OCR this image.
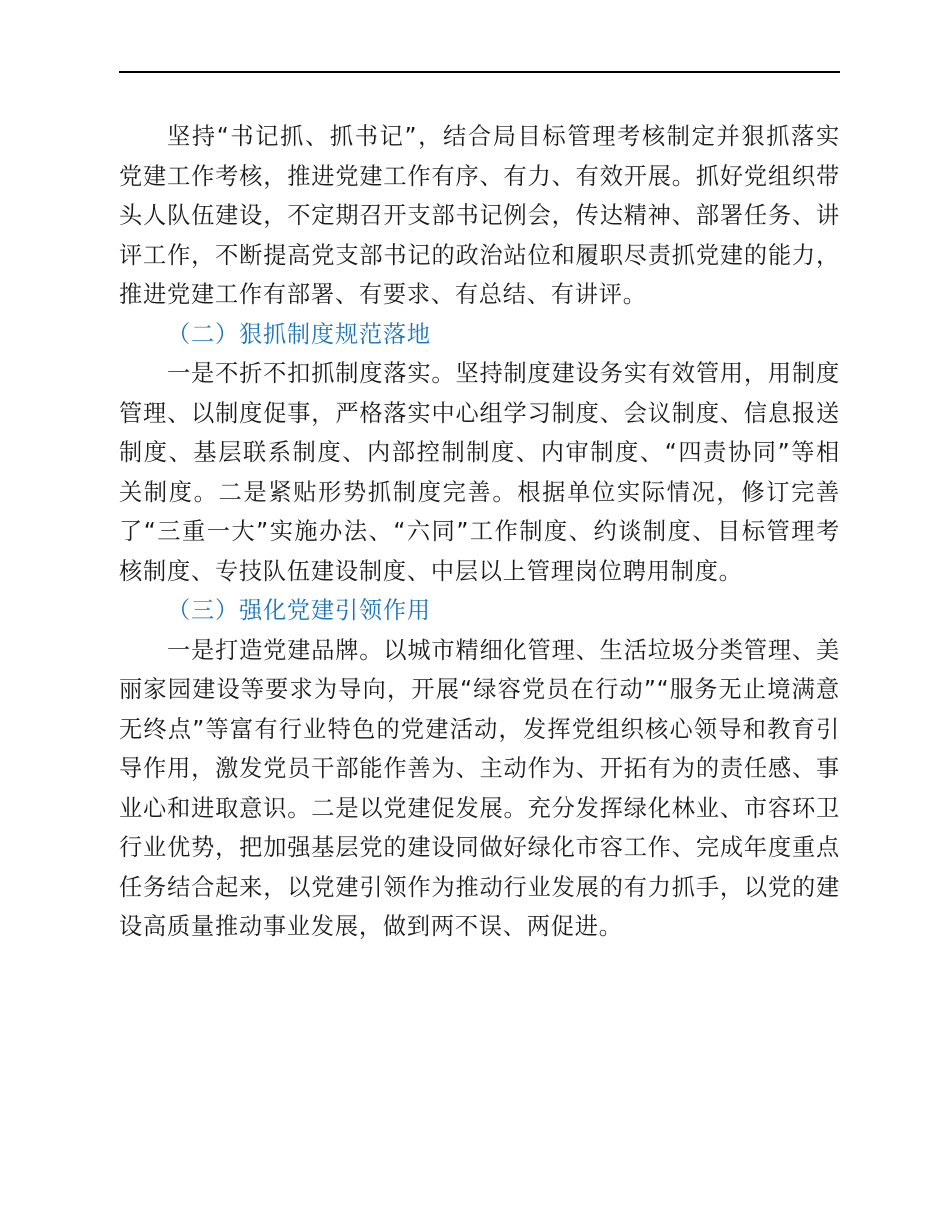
坚持“书记抓、抓书记”，结合局目标管理考核制定并狠抓落实党建工作考核，推进党建工作有序、有力、有效开展。抓好党组织带头人队伍建设，不定期召开支部书记例会，传达精神、部署任务、讲评工作，不断提高党支部书记的政治站位和履职尽责抓党建的能力，推进党建工作有部署、有要求、有总结、有讲评。

（二）狠抓制度规范落地

一是不折不扣抓制度落实。坚持制度建设务实有效管用，用制度管理、以制度促事，严格落实中心组学习制度、会议制度、信息报送制度、基层联系制度、内部控制制度、内审制度、“四责协同”等相关制度。二是紧贴形势抓制度完善。根据单位实际情况，修订完善了“三重一大”实施办法、“六同”工作制度、约谈制度、目标管理考核制度、专技队伍建设制度、中层以上管理岗位聘用制度。

（三）强化党建引领作用

一是打造党建品牌。以城市精细化管理、生活垃圾分类管理、美丽家园建设等要求为导向，开展“绿容党员在行动”“服务无止境满意无终点”等富有行业特色的党建活动，发挥党组织核心领导和教育引导作用，激发党员干部能作善为、主动作为、开拓有为的责任感、事业心和进取意识。二是以党建促发展。充分发挥绿化林业、市容环卫行业优势，把加强基层党的建设同做好绿化市容工作、完成年度重点任务结合起来，以党建引领作为推动行业发展的有力抓手，以党的建设高质量推动事业发展，做到两不误、两促进。
